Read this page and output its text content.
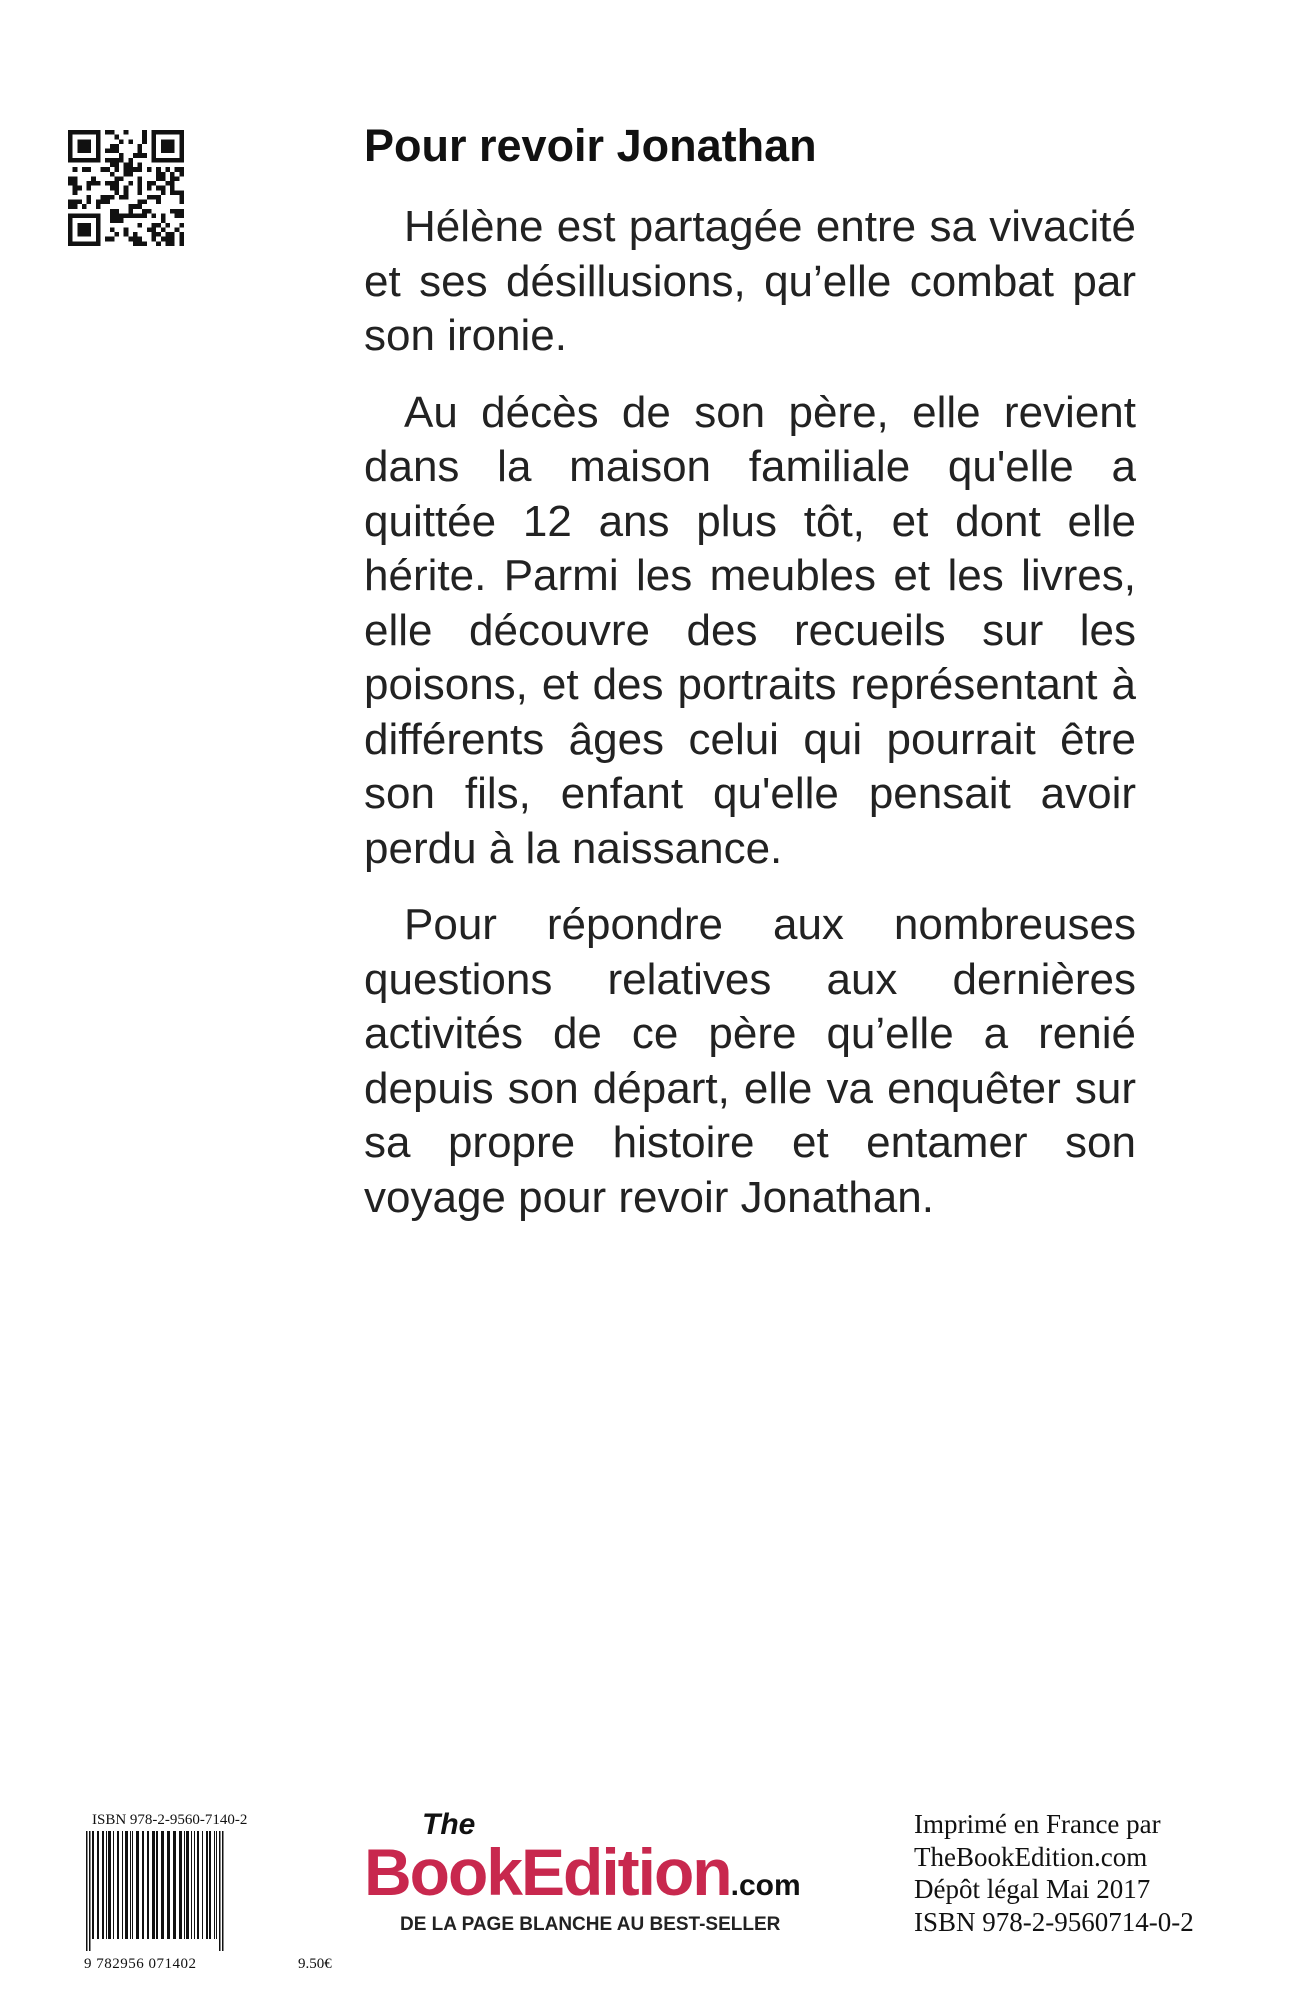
Pour revoir Jonathan

Hélène est partagée entre sa vivacité et ses désillusions, qu’elle combat par son ironie.

Au décès de son père, elle revient dans la maison familiale qu'elle a quittée 12 ans plus tôt, et dont elle hérite. Parmi les meubles et les livres, elle découvre des recueils sur les poisons, et des portraits représentant à différents âges celui qui pourrait être son fils, enfant qu'elle pensait avoir perdu à la naissance.

Pour répondre aux nombreuses questions relatives aux dernières activités de ce père qu’elle a renié depuis son départ, elle va enquêter sur sa propre histoire et entamer son voyage pour revoir Jonathan.

ISBN 978-2-9560-7140-2
9 782956 071402	9.50€
The
BookEdition.com
DE LA PAGE BLANCHE AU BEST-SELLER
Imprimé en France par
TheBookEdition.com
Dépôt légal Mai 2017
ISBN 978-2-9560714-0-2
